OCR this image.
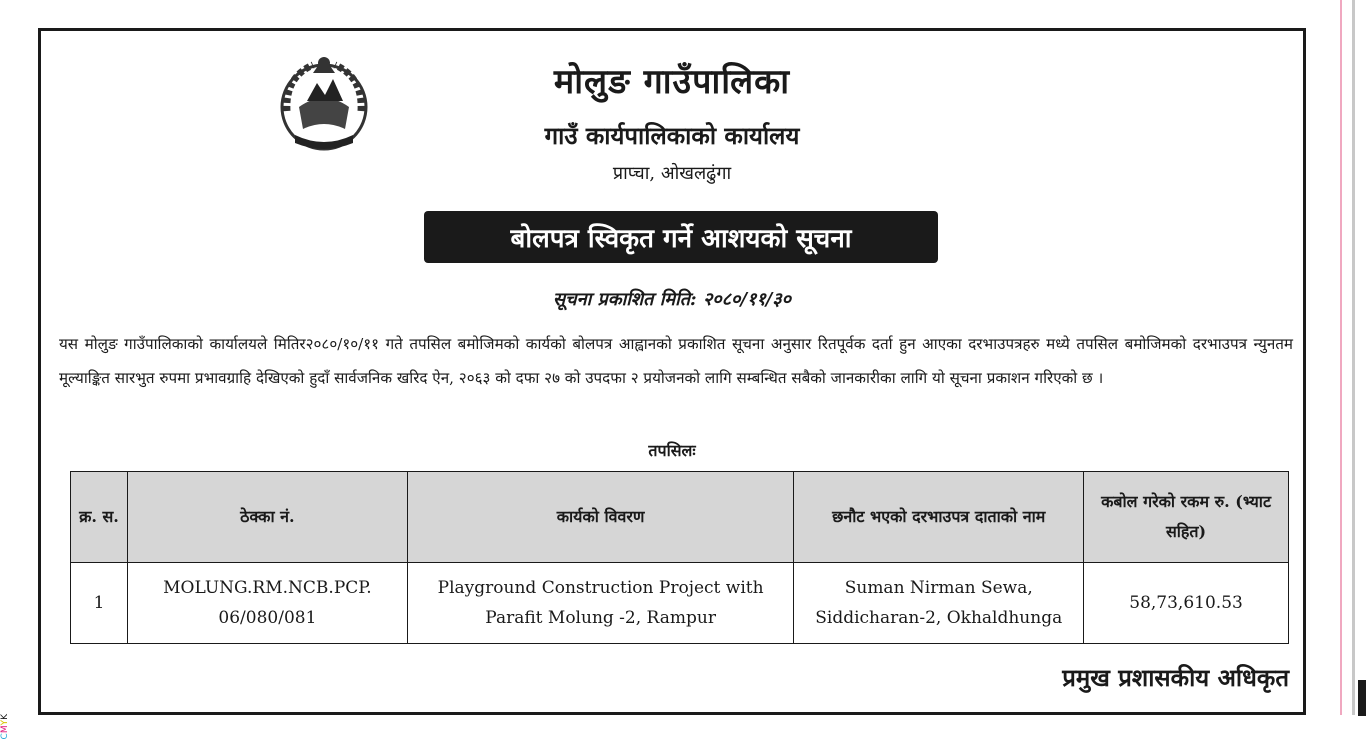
मोलुङ गाउँपालिका
गाउँ कार्यपालिकाको कार्यालय
प्राप्चा, ओखलढुंगा
बोलपत्र स्विकृत गर्ने आशयको सूचना
सूचना प्रकाशित मिति: २०८०/११/३०

यस मोलुङ गाउँपालिकाको कार्यालयले मितिर२०८०/१०/११ गते तपसिल बमोजिमको कार्यको बोलपत्र आह्वानको प्रकाशित सूचना अनुसार रितपूर्वक दर्ता हुन आएका दरभाउपत्रहरु मध्ये तपसिल बमोजिमको दरभाउपत्र न्युनतम मूल्याङ्कित सारभुत रुपमा प्रभावग्राहि देखिएको हुदाँ सार्वजनिक खरिद ऐन, २०६३ को दफा २७ को उपदफा २ प्रयोजनको लागि सम्बन्धित सबैको जानकारीका लागि यो सूचना प्रकाशन गरिएको छ ।

तपसिलः
क्र. स.	ठेक्का नं.	कार्यको विवरण	छनौट भएको दरभाउपत्र दाताको नाम	कबोल गरेको रकम रु. (भ्याट सहित)
1	MOLUNG.RM.NCB.PCP. 06/080/081	Playground Construction Project with Parafit Molung -2, Rampur	Suman Nirman Sewa, Siddicharan-2, Okhaldhunga	58,73,610.53
प्रमुख प्रशासकीय अधिकृत
CMYK
